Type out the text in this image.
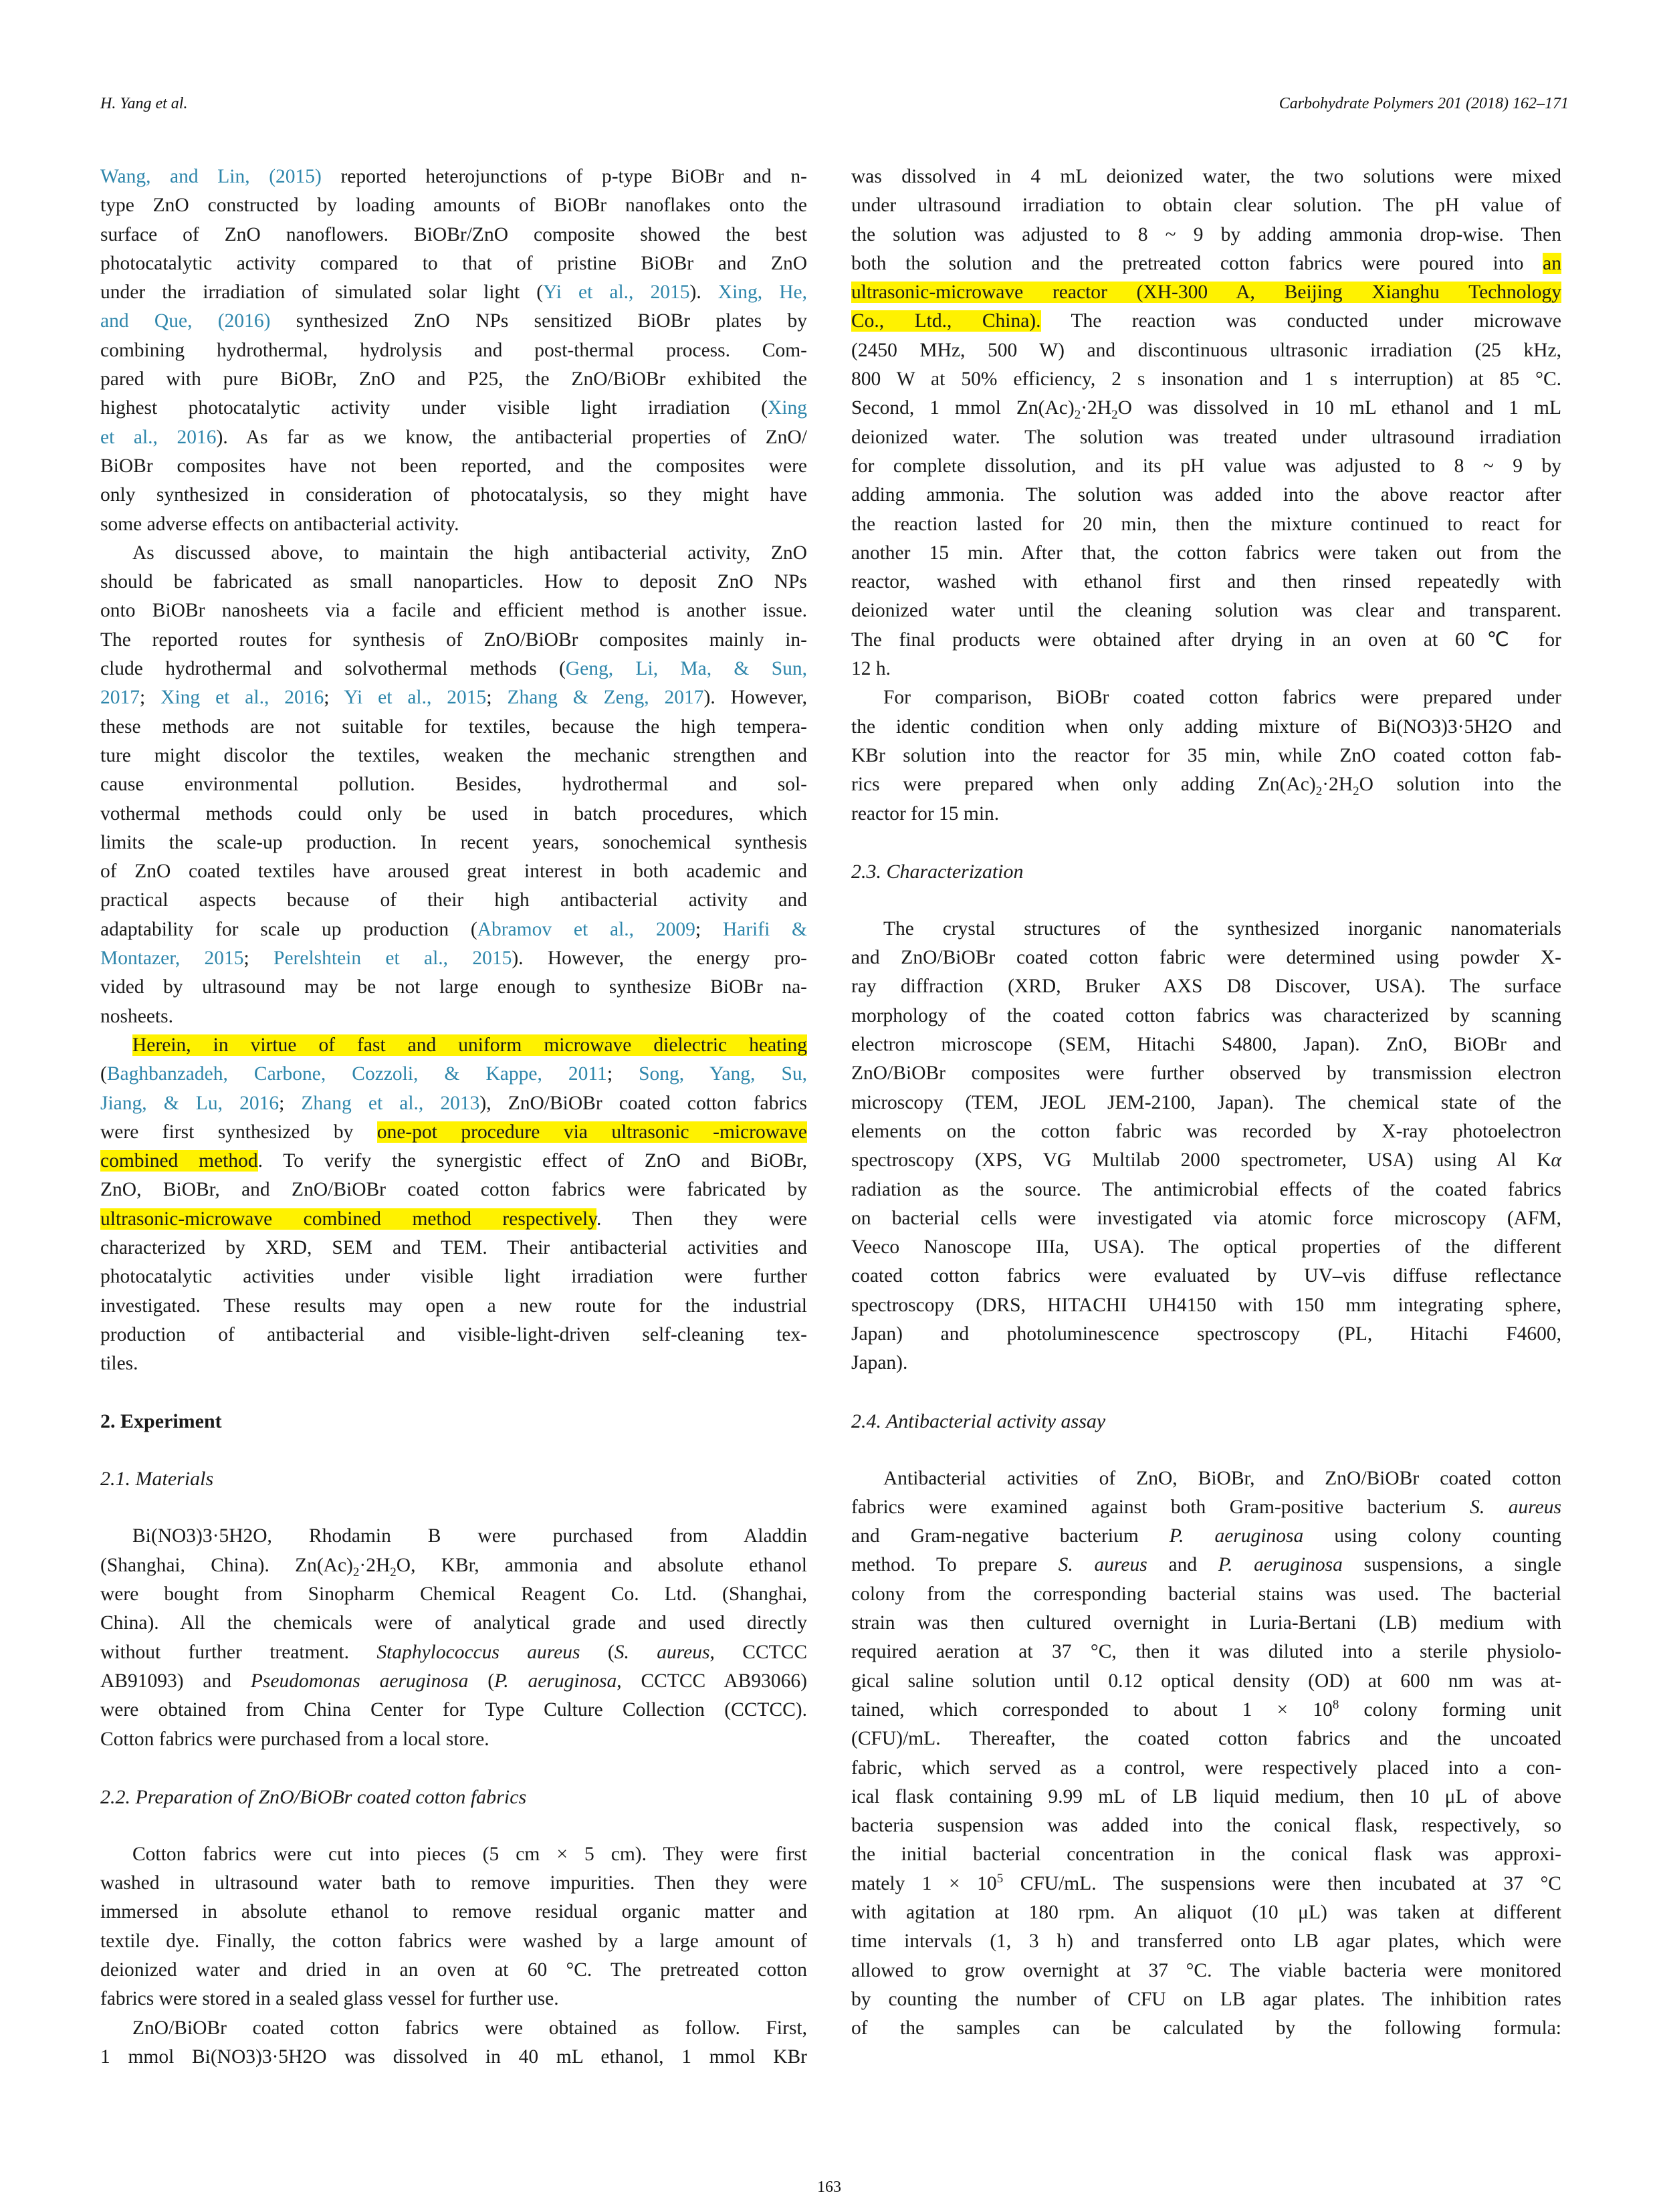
H. Yang et al.	Carbohydrate Polymers 201 (2018) 162–171
Wang, and Lin, (2015) reported heterojunctions of p-type BiOBr and n-
type ZnO constructed by loading amounts of BiOBr nanoflakes onto the
surface of ZnO nanoflowers. BiOBr/ZnO composite showed the best
photocatalytic activity compared to that of pristine BiOBr and ZnO
under the irradiation of simulated solar light (Yi et al., 2015). Xing, He,
and Que, (2016) synthesized ZnO NPs sensitized BiOBr plates by
combining hydrothermal, hydrolysis and post-thermal process. Com-
pared with pure BiOBr, ZnO and P25, the ZnO/BiOBr exhibited the
highest photocatalytic activity under visible light irradiation (Xing
et al., 2016). As far as we know, the antibacterial properties of ZnO/
BiOBr composites have not been reported, and the composites were
only synthesized in consideration of photocatalysis, so they might have
some adverse effects on antibacterial activity.
As discussed above, to maintain the high antibacterial activity, ZnO
should be fabricated as small nanoparticles. How to deposit ZnO NPs
onto BiOBr nanosheets via a facile and efficient method is another issue.
The reported routes for synthesis of ZnO/BiOBr composites mainly in-
clude hydrothermal and solvothermal methods (Geng, Li, Ma, & Sun,
2017; Xing et al., 2016; Yi et al., 2015; Zhang & Zeng, 2017). However,
these methods are not suitable for textiles, because the high tempera-
ture might discolor the textiles, weaken the mechanic strengthen and
cause environmental pollution. Besides, hydrothermal and sol-
vothermal methods could only be used in batch procedures, which
limits the scale-up production. In recent years, sonochemical synthesis
of ZnO coated textiles have aroused great interest in both academic and
practical aspects because of their high antibacterial activity and
adaptability for scale up production (Abramov et al., 2009; Harifi &
Montazer, 2015; Perelshtein et al., 2015). However, the energy pro-
vided by ultrasound may be not large enough to synthesize BiOBr na-
nosheets.
Herein, in virtue of fast and uniform microwave dielectric heating
(Baghbanzadeh, Carbone, Cozzoli, & Kappe, 2011; Song, Yang, Su,
Jiang, & Lu, 2016; Zhang et al., 2013), ZnO/BiOBr coated cotton fabrics
were first synthesized by one-pot procedure via ultrasonic -microwave
combined method. To verify the synergistic effect of ZnO and BiOBr,
ZnO, BiOBr, and ZnO/BiOBr coated cotton fabrics were fabricated by
ultrasonic-microwave combined method respectively. Then they were
characterized by XRD, SEM and TEM. Their antibacterial activities and
photocatalytic activities under visible light irradiation were further
investigated. These results may open a new route for the industrial
production of antibacterial and visible-light-driven self-cleaning tex-
tiles.
2. Experiment
2.1. Materials
Bi(NO3)3·5H2O, Rhodamin B were purchased from Aladdin
(Shanghai, China). $Zn(Ac)_2\cdot 2H_2O$, KBr, ammonia and absolute ethanol
were bought from Sinopharm Chemical Reagent Co. Ltd. (Shanghai,
China). All the chemicals were of analytical grade and used directly
without further treatment. Staphylococcus aureus (S. aureus, CCTCC
AB91093) and Pseudomonas aeruginosa (P. aeruginosa, CCTCC AB93066)
were obtained from China Center for Type Culture Collection (CCTCC).
Cotton fabrics were purchased from a local store.
2.2. Preparation of ZnO/BiOBr coated cotton fabrics
Cotton fabrics were cut into pieces (5 cm × 5 cm). They were first
washed in ultrasound water bath to remove impurities. Then they were
immersed in absolute ethanol to remove residual organic matter and
textile dye. Finally, the cotton fabrics were washed by a large amount of
deionized water and dried in an oven at 60 °C. The pretreated cotton
fabrics were stored in a sealed glass vessel for further use.
ZnO/BiOBr coated cotton fabrics were obtained as follow. First,
1 mmol Bi(NO3)3·5H2O was dissolved in 40 mL ethanol, 1 mmol KBr
was dissolved in 4 mL deionized water, the two solutions were mixed
under ultrasound irradiation to obtain clear solution. The pH value of
the solution was adjusted to 8 ~ 9 by adding ammonia drop-wise. Then
both the solution and the pretreated cotton fabrics were poured into an
ultrasonic-microwave reactor (XH-300 A, Beijing Xianghu Technology
Co., Ltd., China). The reaction was conducted under microwave
(2450 MHz, 500 W) and discontinuous ultrasonic irradiation (25 kHz,
800 W at 50% efficiency, 2 s insonation and 1 s interruption) at 85 °C.
Second, 1 mmol $Zn(Ac)_2\cdot 2H_2O$ was dissolved in 10 mL ethanol and 1 mL
deionized water. The solution was treated under ultrasound irradiation
for complete dissolution, and its pH value was adjusted to 8 ~ 9 by
adding ammonia. The solution was added into the above reactor after
the reaction lasted for 20 min, then the mixture continued to react for
another 15 min. After that, the cotton fabrics were taken out from the
reactor, washed with ethanol first and then rinsed repeatedly with
deionized water until the cleaning solution was clear and transparent.
The final products were obtained after drying in an oven at 60℃ for
12 h.
For comparison, BiOBr coated cotton fabrics were prepared under
the identic condition when only adding mixture of Bi(NO3)3·5H2O and
KBr solution into the reactor for 35 min, while ZnO coated cotton fab-
rics were prepared when only adding $Zn(Ac)_2\cdot 2H_2O$ solution into the
reactor for 15 min.
2.3. Characterization
The crystal structures of the synthesized inorganic nanomaterials
and ZnO/BiOBr coated cotton fabric were determined using powder X-
ray diffraction (XRD, Bruker AXS D8 Discover, USA). The surface
morphology of the coated cotton fabrics was characterized by scanning
electron microscope (SEM, Hitachi S4800, Japan). ZnO, BiOBr and
ZnO/BiOBr composites were further observed by transmission electron
microscopy (TEM, JEOL JEM-2100, Japan). The chemical state of the
elements on the cotton fabric was recorded by X-ray photoelectron
spectroscopy (XPS, VG Multilab 2000 spectrometer, USA) using Al Kα
radiation as the source. The antimicrobial effects of the coated fabrics
on bacterial cells were investigated via atomic force microscopy (AFM,
Veeco Nanoscope IIIa, USA). The optical properties of the different
coated cotton fabrics were evaluated by UV–vis diffuse reflectance
spectroscopy (DRS, HITACHI UH4150 with 150 mm integrating sphere,
Japan) and photoluminescence spectroscopy (PL, Hitachi F4600,
Japan).
2.4. Antibacterial activity assay
Antibacterial activities of ZnO, BiOBr, and ZnO/BiOBr coated cotton
fabrics were examined against both Gram-positive bacterium S. aureus
and Gram-negative bacterium P. aeruginosa using colony counting
method. To prepare S. aureus and P. aeruginosa suspensions, a single
colony from the corresponding bacterial stains was used. The bacterial
strain was then cultured overnight in Luria-Bertani (LB) medium with
required aeration at 37 °C, then it was diluted into a sterile physiolo-
gical saline solution until 0.12 optical density (OD) at 600 nm was at-
tained, which corresponded to about $1 \times 10^8$ colony forming unit
(CFU)/mL. Thereafter, the coated cotton fabrics and the uncoated
fabric, which served as a control, were respectively placed into a con-
ical flask containing 9.99 mL of LB liquid medium, then 10 μL of above
bacteria suspension was added into the conical flask, respectively, so
the initial bacterial concentration in the conical flask was approxi-
mately $1 \times 10^5$ CFU/mL. The suspensions were then incubated at 37 °C
with agitation at 180 rpm. An aliquot (10 μL) was taken at different
time intervals (1, 3 h) and transferred onto LB agar plates, which were
allowed to grow overnight at 37 °C. The viable bacteria were monitored
by counting the number of CFU on LB agar plates. The inhibition rates
of the samples can be calculated by the following formula:
163
